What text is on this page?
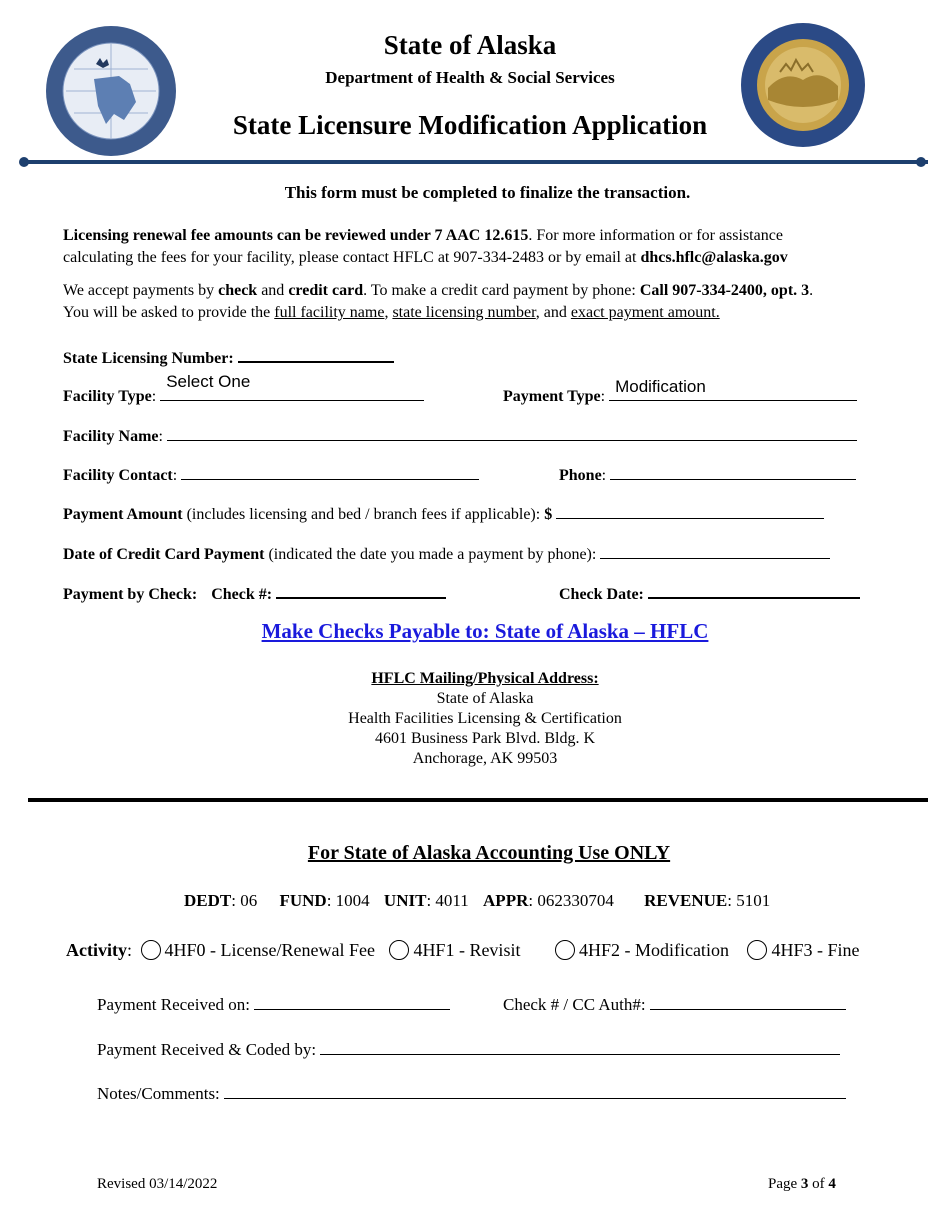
State of Alaska
Department of Health & Social Services
State Licensure Modification Application
This form must be completed to finalize the transaction.
Licensing renewal fee amounts can be reviewed under 7 AAC 12.615. For more information or for assistance
calculating the fees for your facility, please contact HFLC at 907-334-2483 or by email at dhcs.hflc@alaska.gov
We accept payments by check and credit card. To make a credit card payment by phone: Call 907-334-2400, opt. 3.
You will be asked to provide the full facility name, state licensing number, and exact payment amount.
State Licensing Number:
Facility Type:
Select One
Payment Type:
Modification
Facility Name:
Facility Contact:	Phone:
Payment Amount (includes licensing and bed / branch fees if applicable): $
Date of Credit Card Payment (indicated the date you made a payment by phone):
Payment by Check: Check #:	Check Date:
Make Checks Payable to: State of Alaska – HFLC
HFLC Mailing/Physical Address:
State of Alaska
Health Facilities Licensing & Certification
4601 Business Park Blvd. Bldg. K
Anchorage, AK 99503
For State of Alaska Accounting Use ONLY
DEDT: 06 FUND: 1004 UNIT: 4011 APPR: 062330704 REVENUE: 5101
Activity: 4HF0 - License/Renewal Fee 4HF1 - Revisit	4HF2 - Modification 4HF3 - Fine
Payment Received on:	Check # / CC Auth#:
Payment Received & Coded by:
Notes/Comments:
Revised 03/14/2022	Page 3 of 4
